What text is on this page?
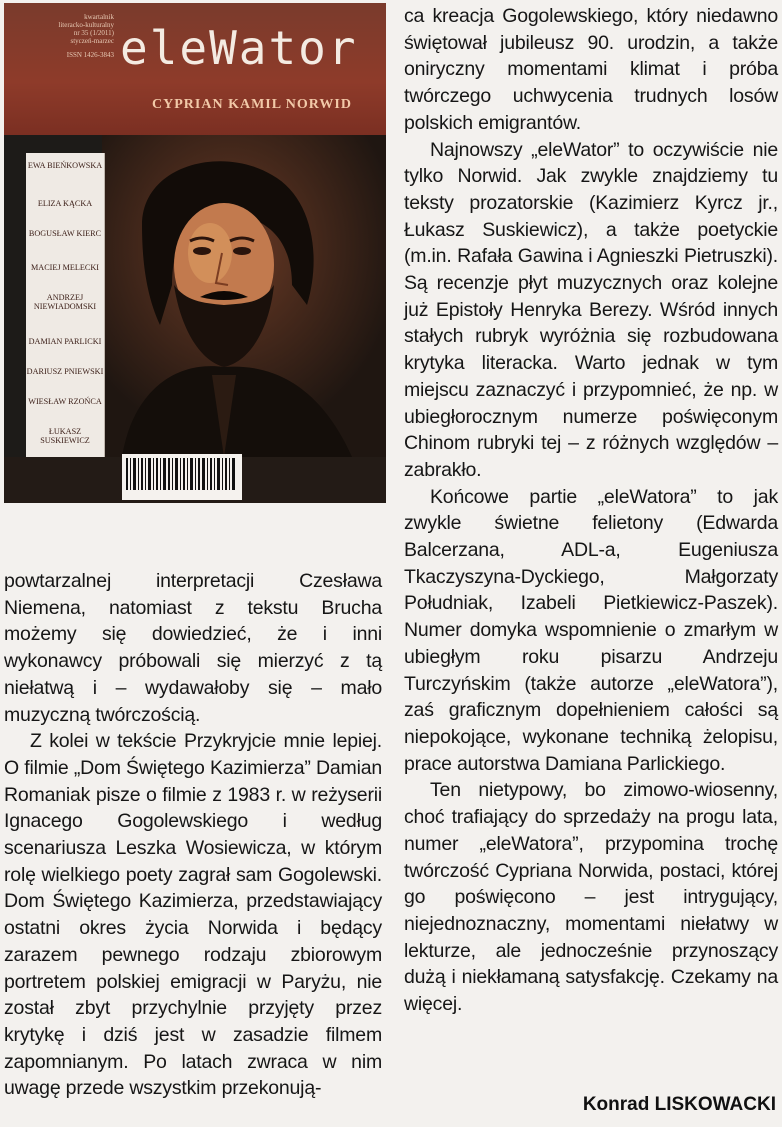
kwartalnik
literacko-kulturalny
nr 35 (1/2011)
styczeń-marzec
ISSN 1426-3843 eleWator
CYPRIAN KAMIL NORWID
EWA BIEŃKOWSKA
ELIZA KĄCKA
BOGUSŁAW KIERC
MACIEJ MELECKI
ANDRZEJ NIEWIADOMSKI
DAMIAN PARLICKI
DARIUSZ PNIEWSKI
WIESŁAW RZOŃCA
ŁUKASZ SUSKIEWICZ

powtarzalnej interpretacji Czesława Niemena, natomiast z tekstu Brucha możemy się dowiedzieć, że i inni wykonawcy próbowali się mierzyć z tą niełatwą i – wydawałoby się – mało muzyczną twórczością.

Z kolei w tekście Przykryjcie mnie lepiej. O filmie „Dom Świętego Kazimierza” Damian Romaniak pisze o filmie z 1983 r. w reżyserii Ignacego Gogolewskiego i według scenariusza Leszka Wosiewicza, w którym rolę wielkiego poety zagrał sam Gogolewski. Dom Świętego Kazimierza, przedstawiający ostatni okres życia Norwida i będący zarazem pewnego rodzaju zbiorowym portretem polskiej emigracji w Paryżu, nie został zbyt przychylnie przyjęty przez krytykę i dziś jest w zasadzie filmem zapomnianym. Po latach zwraca w nim uwagę przede wszystkim przekonują-

ca kreacja Gogolewskiego, który niedawno świętował jubileusz 90. urodzin, a także oniryczny momentami klimat i próba twórczego uchwycenia trudnych losów polskich emigrantów.

Najnowszy „eleWator” to oczywiście nie tylko Norwid. Jak zwykle znajdziemy tu teksty prozatorskie (Kazimierz Kyrcz jr., Łukasz Suskiewicz), a także poetyckie (m.in. Rafała Gawina i Agnieszki Pietruszki). Są recenzje płyt muzycznych oraz kolejne już Epistoły Henryka Berezy. Wśród innych stałych rubryk wyróżnia się rozbudowana krytyka literacka. Warto jednak w tym miejscu zaznaczyć i przypomnieć, że np. w ubiegłorocznym numerze poświęconym Chinom rubryki tej – z różnych względów – zabrakło.

Końcowe partie „eleWatora” to jak zwykle świetne felietony (Edwarda Balcerzana, ADL-a, Eugeniusza Tkaczyszyna-Dyckiego, Małgorzaty Południak, Izabeli Pietkiewicz-Paszek). Numer domyka wspomnienie o zmarłym w ubiegłym roku pisarzu Andrzeju Turczyńskim (także autorze „eleWatora”), zaś graficznym dopełnieniem całości są niepokojące, wykonane techniką żelopisu, prace autorstwa Damiana Parlickiego.

Ten nietypowy, bo zimowo-wiosenny, choć trafiający do sprzedaży na progu lata, numer „eleWatora”, przypomina trochę twórczość Cypriana Norwida, postaci, której go poświęcono – jest intrygujący, niejednoznaczny, momentami niełatwy w lekturze, ale jednocześnie przynoszący dużą i niekłamaną satysfakcję. Czekamy na więcej.

Konrad LISKOWACKI
